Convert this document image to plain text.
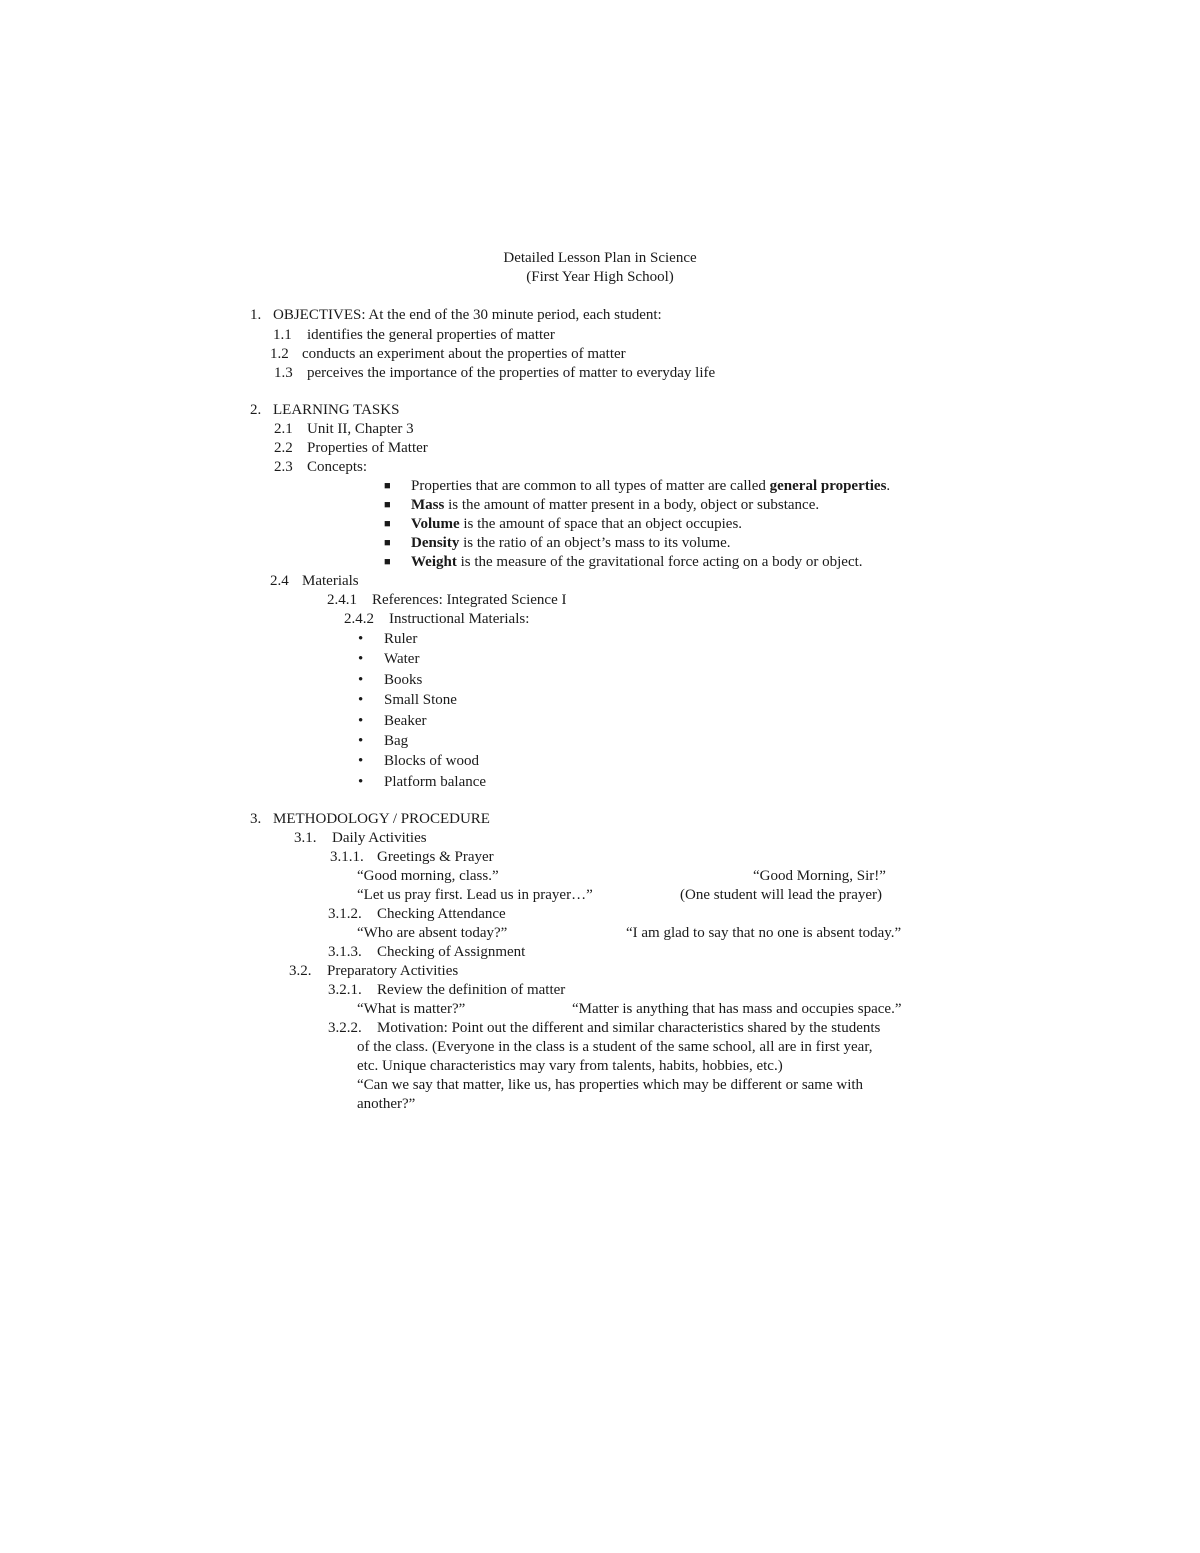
Detailed Lesson Plan in Science
(First Year High School)
1. OBJECTIVES: At the end of the 30 minute period, each student:
1.1 identifies the general properties of matter
1.2 conducts an experiment about the properties of matter
1.3 perceives the importance of the properties of matter to everyday life
2. LEARNING TASKS
2.1 Unit II, Chapter 3
2.2 Properties of Matter
2.3 Concepts:
■ Properties that are common to all types of matter are called general properties.
■ Mass is the amount of matter present in a body, object or substance.
■ Volume is the amount of space that an object occupies.
■ Density is the ratio of an object’s mass to its volume.
■ Weight is the measure of the gravitational force acting on a body or object.
2.4 Materials
2.4.1 References: Integrated Science I
2.4.2 Instructional Materials:
• Ruler
• Water
• Books
• Small Stone
• Beaker
• Bag
• Blocks of wood
• Platform balance
3. METHODOLOGY / PROCEDURE
3.1. Daily Activities
3.1.1. Greetings & Prayer
“Good morning, class.”	“Good Morning, Sir!”
“Let us pray first. Lead us in prayer…”	(One student will lead the prayer)
3.1.2. Checking Attendance
“Who are absent today?”	“I am glad to say that no one is absent today.”
3.1.3. Checking of Assignment
3.2. Preparatory Activities
3.2.1. Review the definition of matter
“What is matter?”	“Matter is anything that has mass and occupies space.”
3.2.2. Motivation: Point out the different and similar characteristics shared by the students
of the class. (Everyone in the class is a student of the same school, all are in first year,
etc. Unique characteristics may vary from talents, habits, hobbies, etc.)
“Can we say that matter, like us, has properties which may be different or same with
another?”
